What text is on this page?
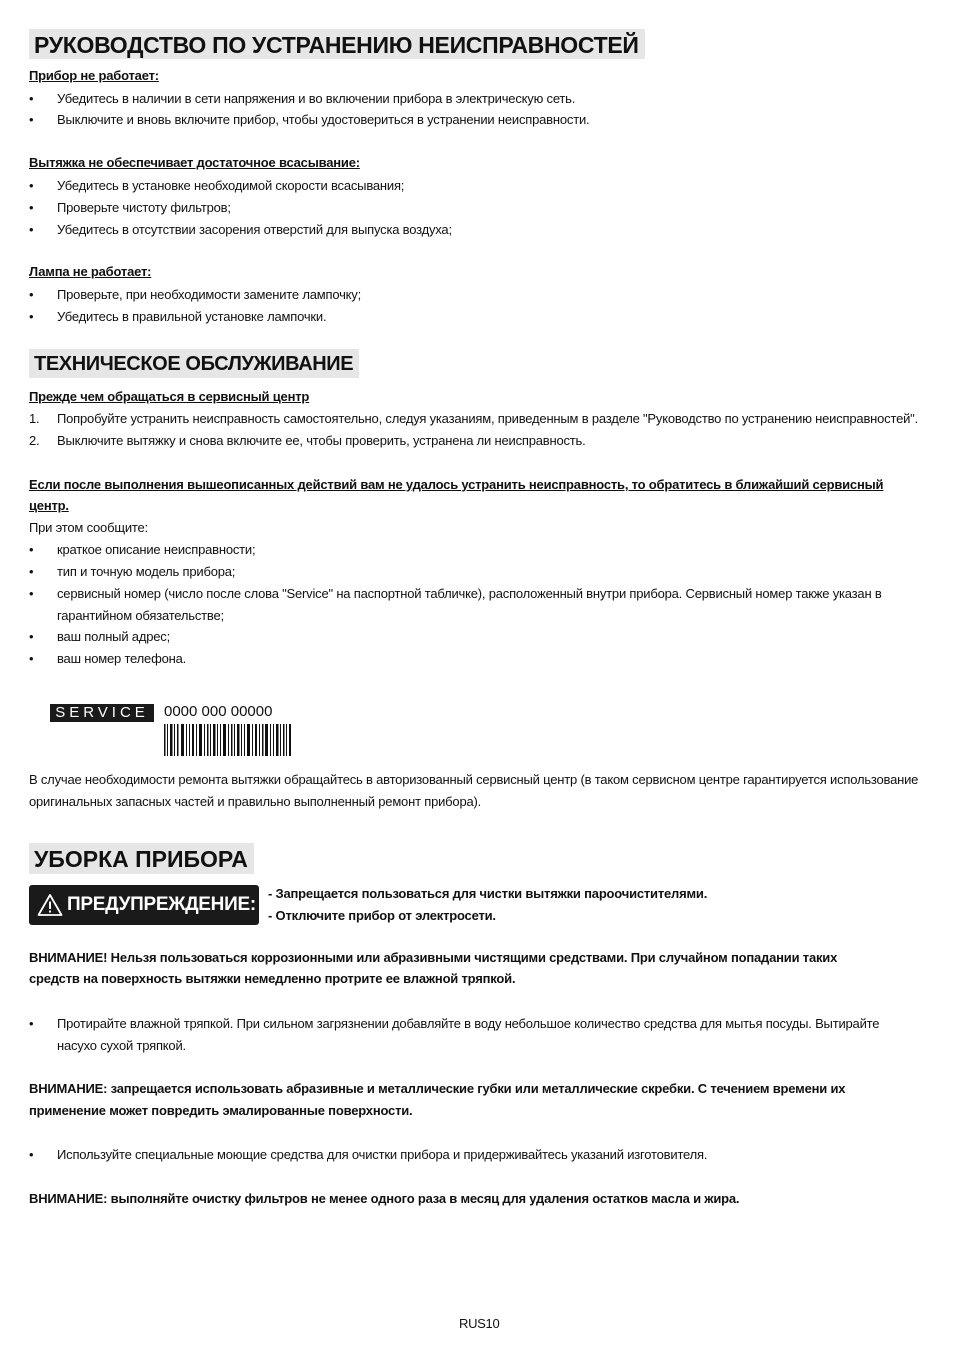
РУКОВОДСТВО ПО УСТРАНЕНИЮ НЕИСПРАВНОСТЕЙ
Прибор не работает:
•	Убедитесь в наличии в сети напряжения и во включении прибора в электрическую сеть.
•	Выключите и вновь включите прибор, чтобы удостовериться в устранении неисправности.
Вытяжка не обеспечивает достаточное всасывание:
•	Убедитесь в установке необходимой скорости всасывания;
•	Проверьте чистоту фильтров;
•	Убедитесь в отсутствии засорения отверстий для выпуска воздуха;
Лампа не работает:
•	Проверьте, при необходимости замените лампочку;
•	Убедитесь в правильной установке лампочки.
ТЕХНИЧЕСКОЕ ОБСЛУЖИВАНИЕ
Прежде чем обращаться в сервисный центр
1.	Попробуйте устранить неисправность самостоятельно, следуя указаниям, приведенным в разделе "Руководство по устранению неисправностей".
2.	Выключите вытяжку и снова включите ее, чтобы проверить, устранена ли неисправность.
Если после выполнения вышеописанных действий вам не удалось устранить неисправность, то обратитесь в ближайший сервисный
центр.
При этом сообщите:
•	краткое описание неисправности;
•	тип и точную модель прибора;
•	сервисный номер (число после слова "Service" на паспортной табличке), расположенный внутри прибора. Сервисный номер также указан в
гарантийном обязательстве;
•	ваш полный адрес;
•	ваш номер телефона.
SERVICE	0000 000 00000
В случае необходимости ремонта вытяжки обращайтесь в авторизованный сервисный центр (в таком сервисном центре гарантируется использование
оригинальных запасных частей и правильно выполненный ремонт прибора).
УБОРКА ПРИБОРА
ПРЕДУПРЕЖДЕНИЕ:
- Запрещается пользоваться для чистки вытяжки пароочистителями.
- Отключите прибор от электросети.
ВНИМАНИЕ! Нельзя пользоваться коррозионными или абразивными чистящими средствами. При случайном попадании таких
средств на поверхность вытяжки немедленно протрите ее влажной тряпкой.
•	Протирайте влажной тряпкой. При сильном загрязнении добавляйте в воду небольшое количество средства для мытья посуды. Вытирайте
насухо сухой тряпкой.
ВНИМАНИЕ: запрещается использовать абразивные и металлические губки или металлические скребки. С течением времени их
применение может повредить эмалированные поверхности.
•	Используйте специальные моющие средства для очистки прибора и придерживайтесь указаний изготовителя.
ВНИМАНИЕ: выполняйте очистку фильтров не менее одного раза в месяц для удаления остатков масла и жира.
RUS10
